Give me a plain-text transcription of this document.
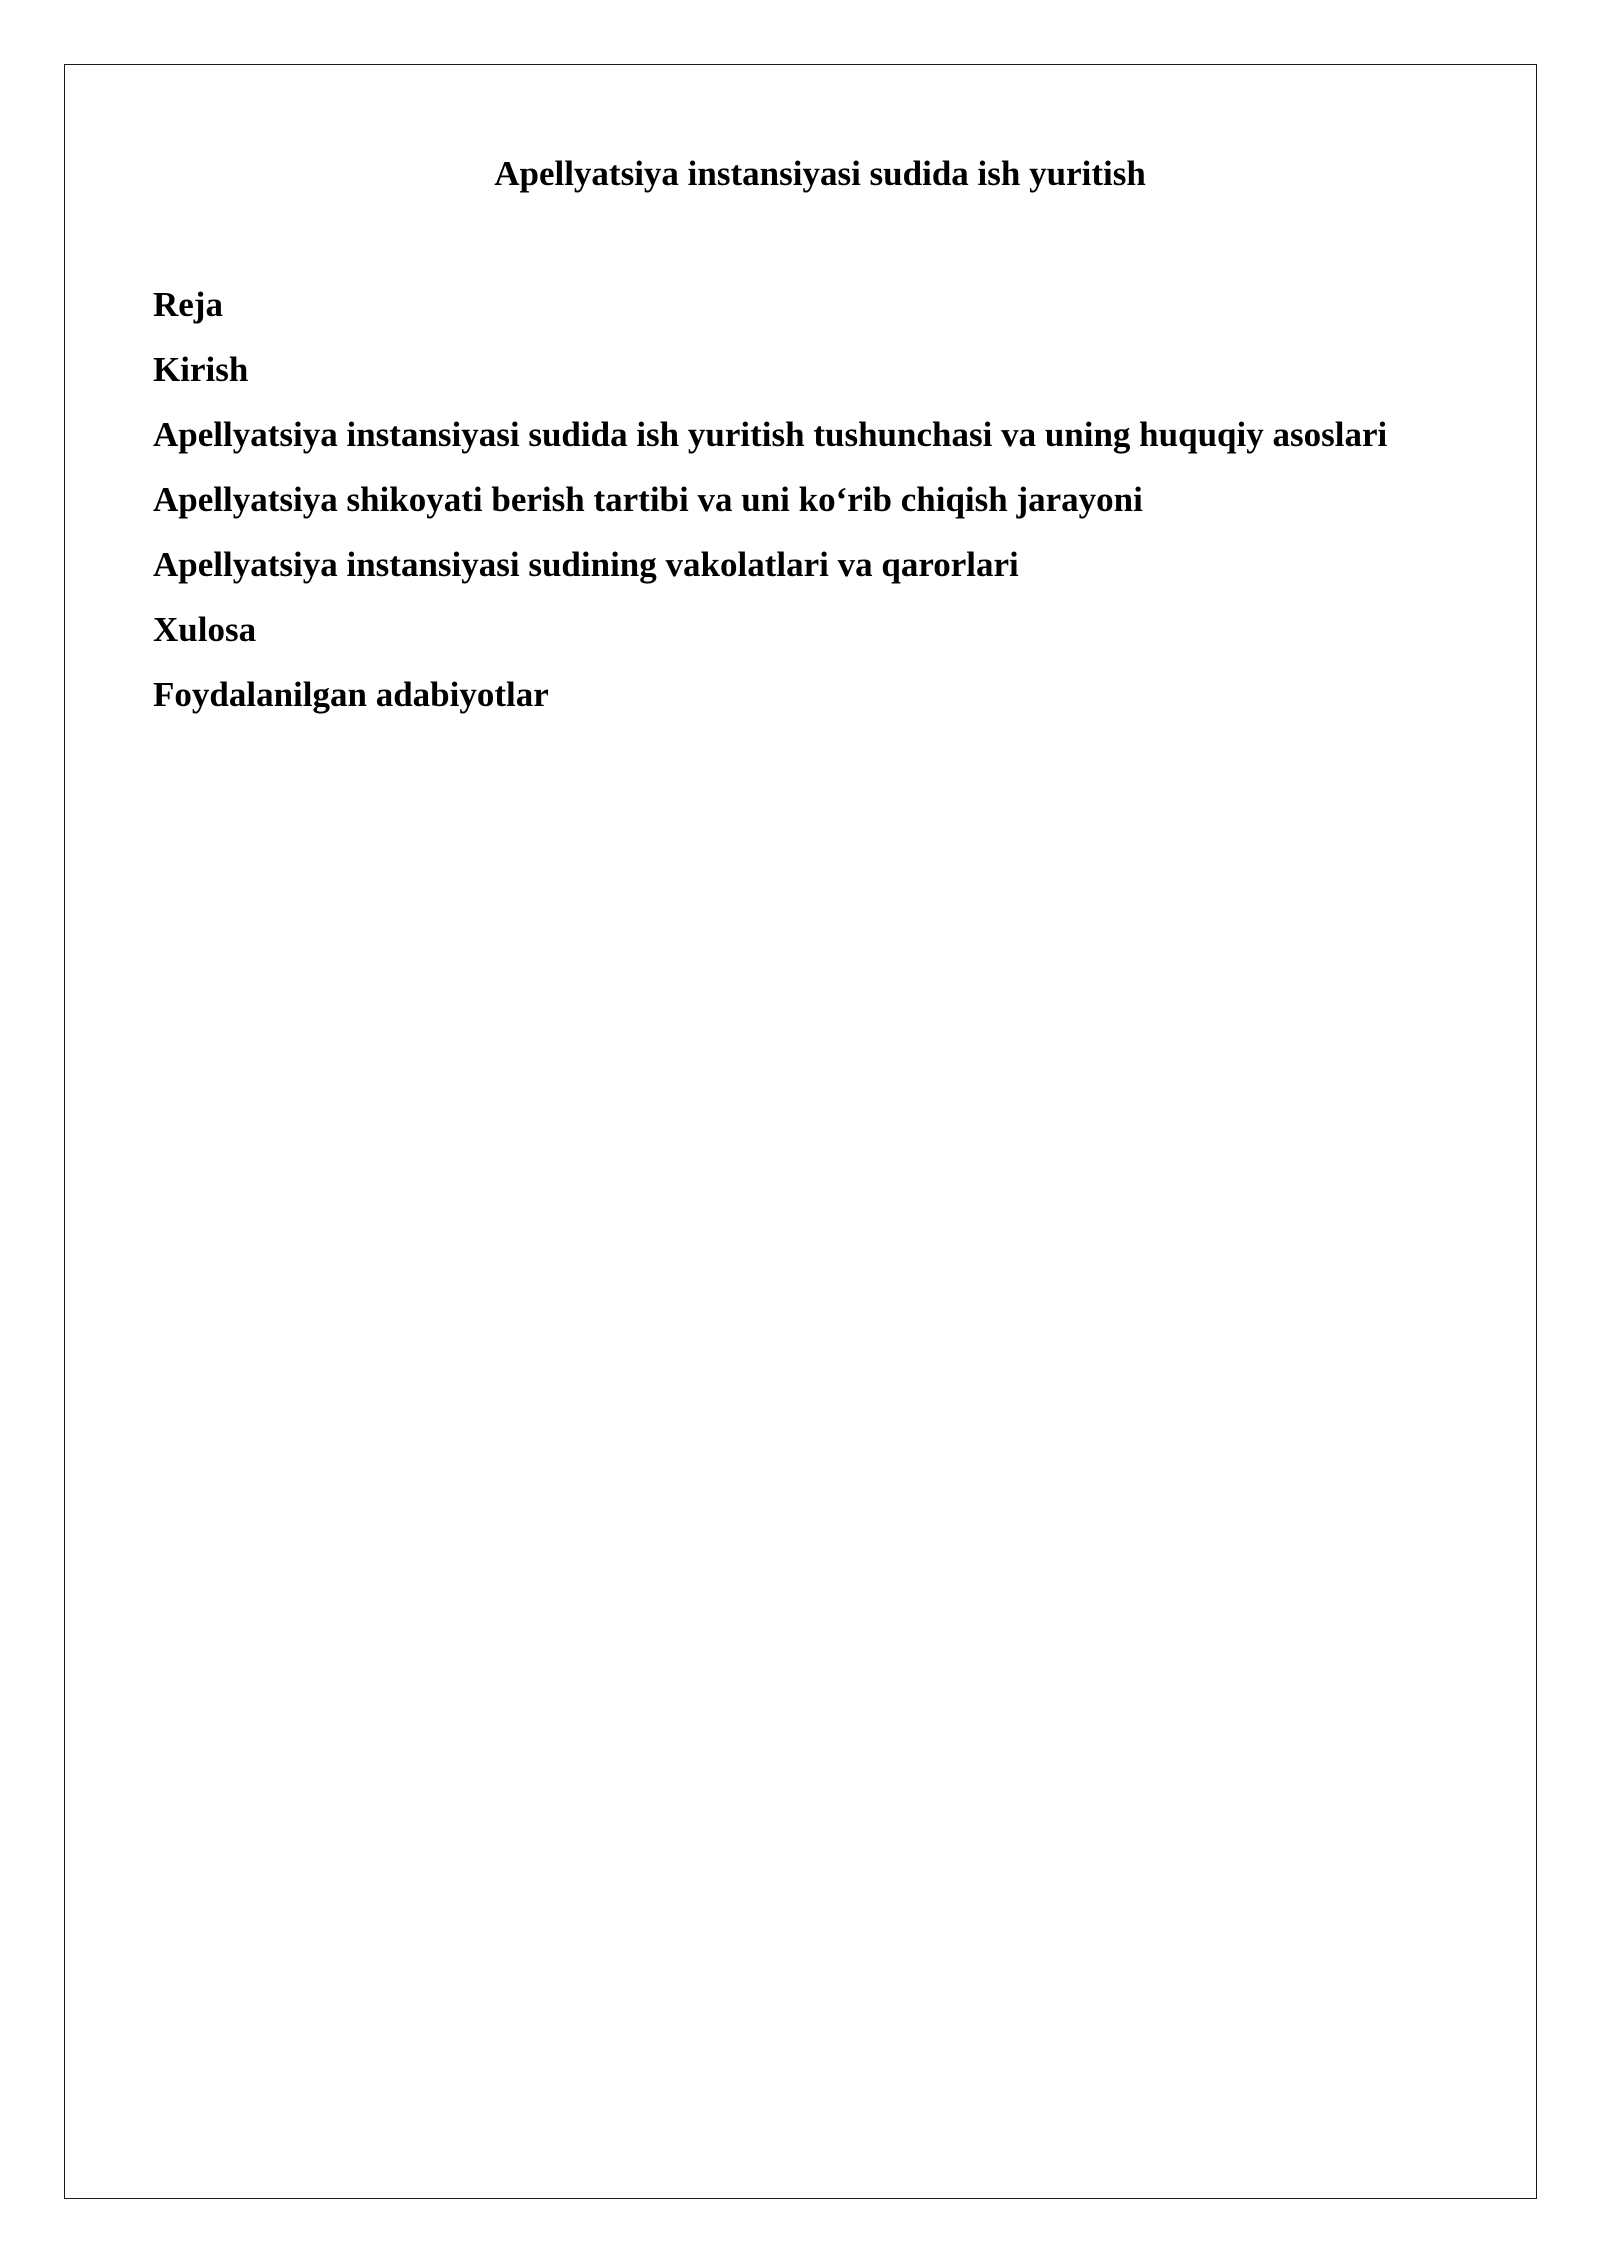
Apellyatsiya instansiyasi sudida ish yuritish
Reja
Kirish
Apellyatsiya instansiyasi sudida ish yuritish tushunchasi va uning huquqiy asoslari
Apellyatsiya shikoyati berish tartibi va uni ko‘rib chiqish jarayoni
Apellyatsiya instansiyasi sudining vakolatlari va qarorlari
Xulosa
Foydalanilgan adabiyotlar
